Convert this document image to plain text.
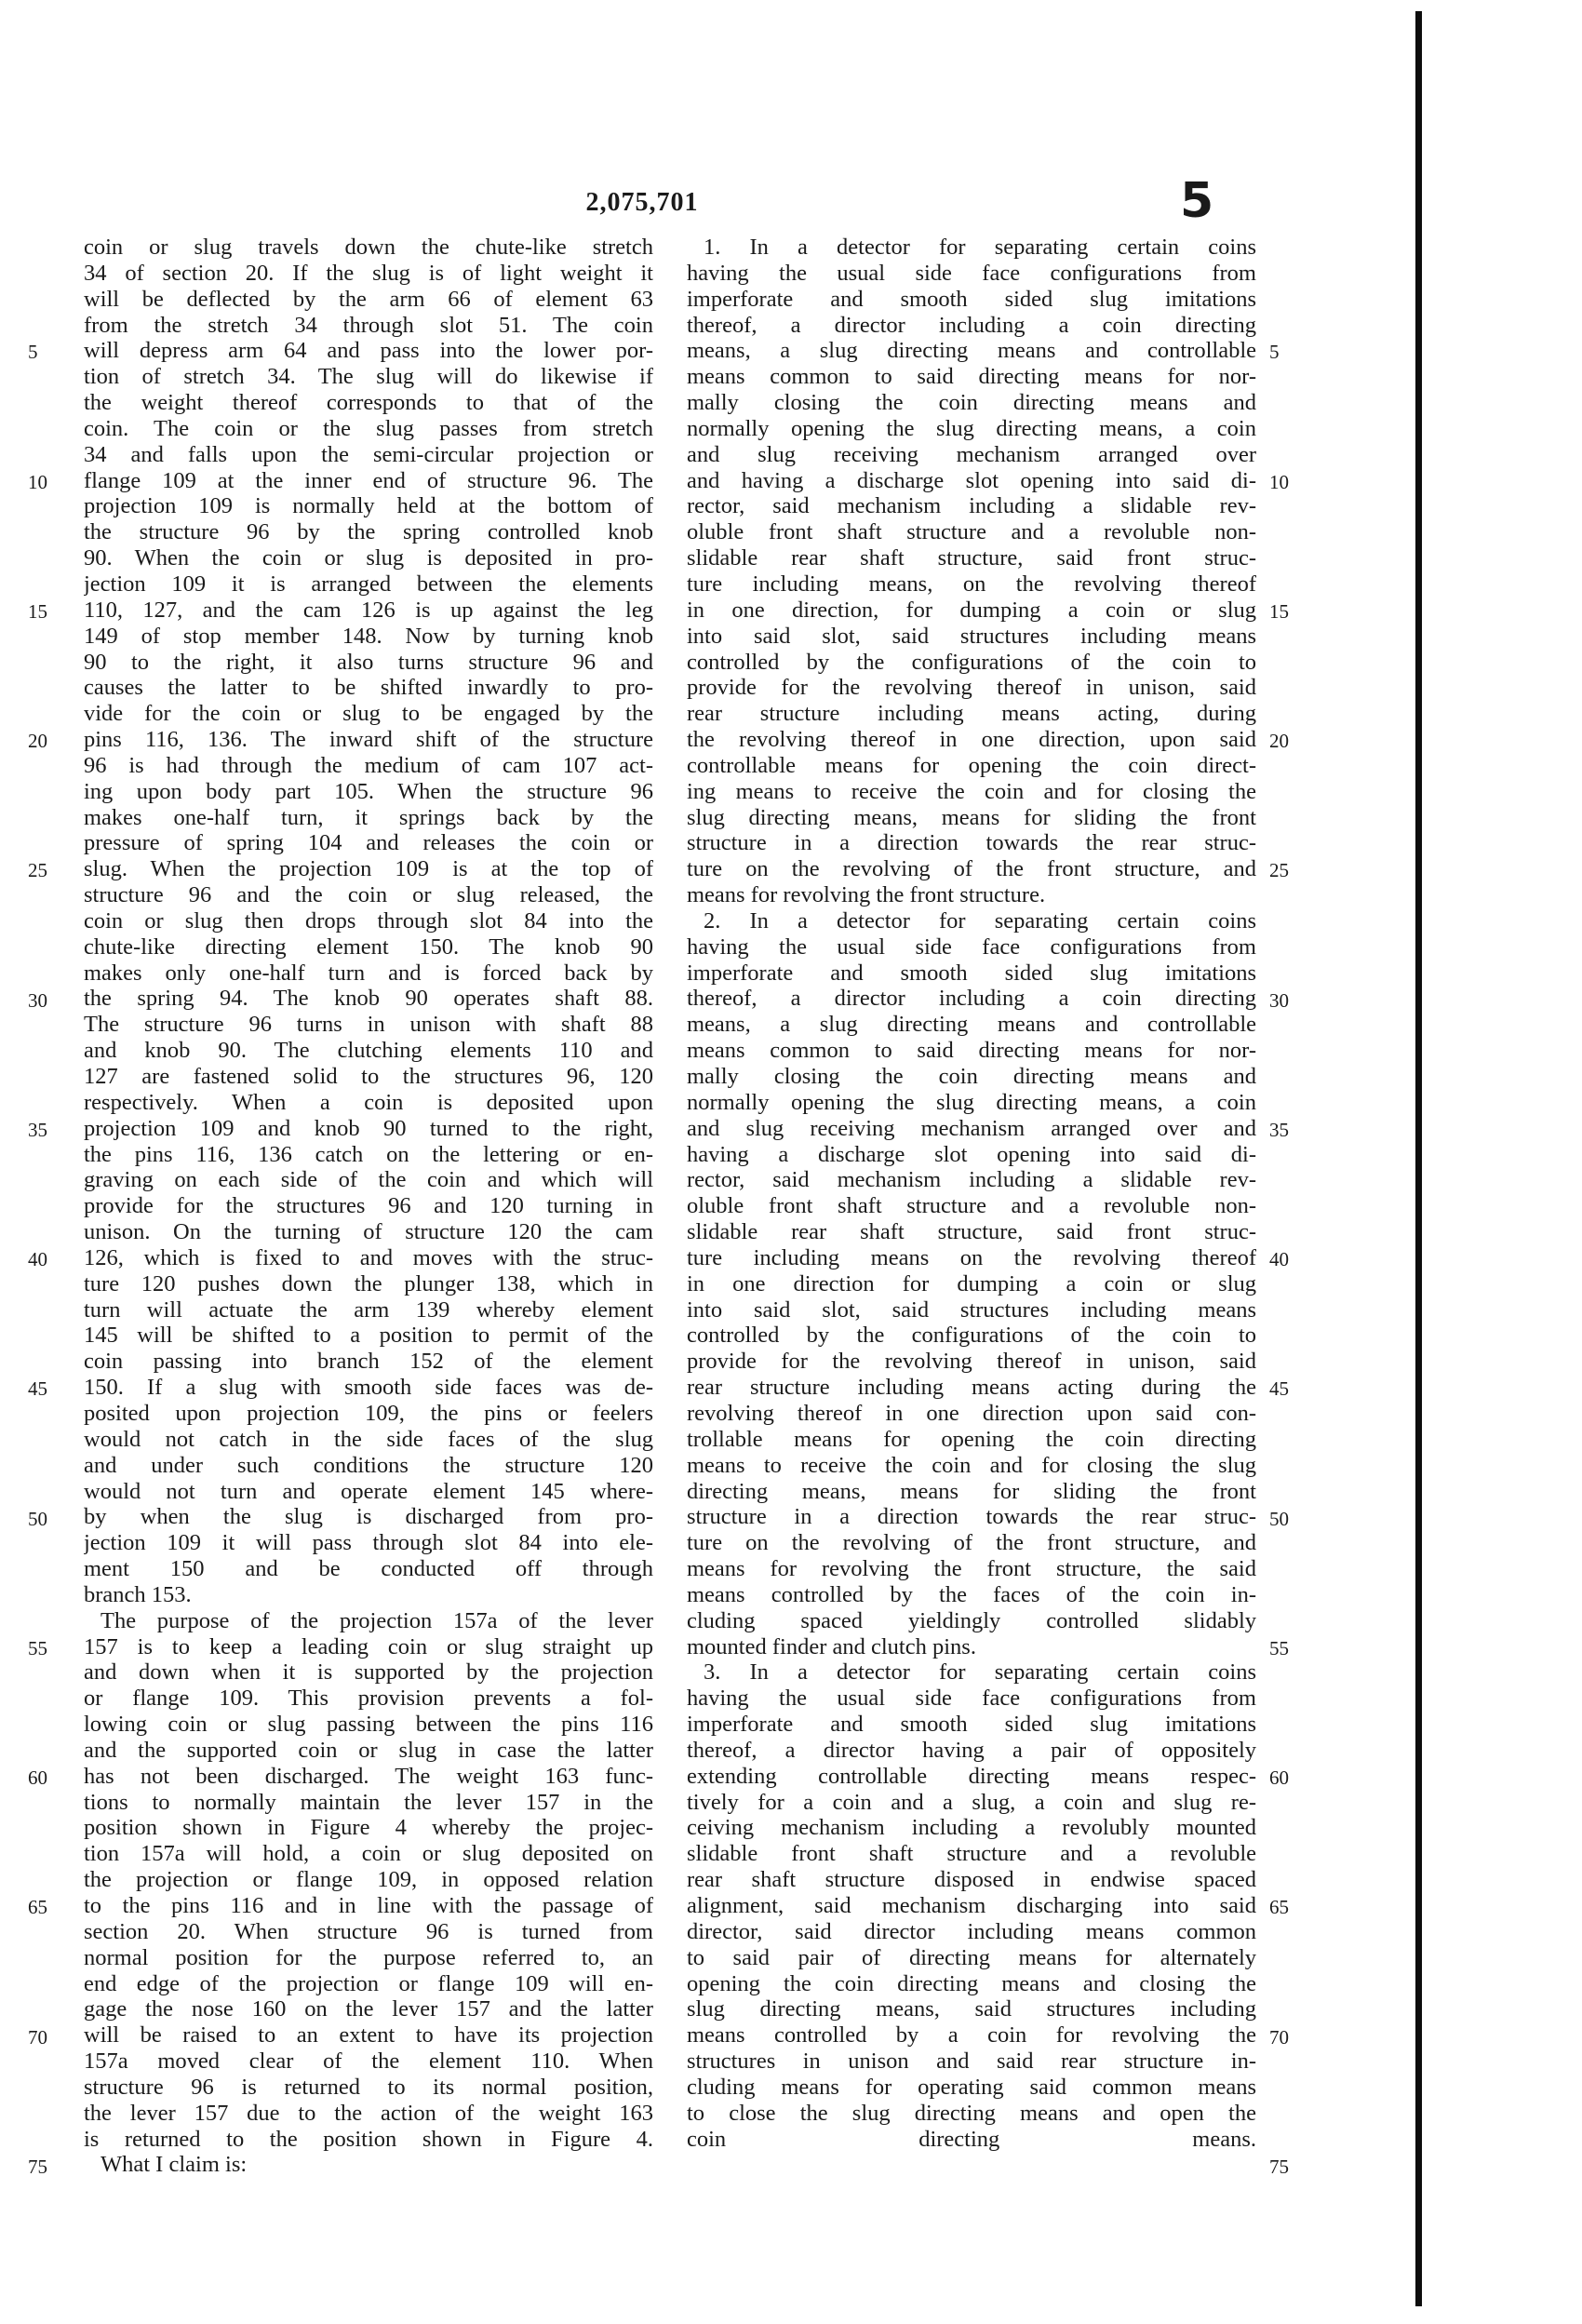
2,075,701	5
coin or slug travels down the chute-like stretch
34 of section 20. If the slug is of light weight it
will be deflected by the arm 66 of element 63
from the stretch 34 through slot 51. The coin
will depress arm 64 and pass into the lower por-
tion of stretch 34. The slug will do likewise if
the weight thereof corresponds to that of the
coin. The coin or the slug passes from stretch
34 and falls upon the semi-circular projection or
flange 109 at the inner end of structure 96. The
projection 109 is normally held at the bottom of
the structure 96 by the spring controlled knob
90. When the coin or slug is deposited in pro-
jection 109 it is arranged between the elements
110, 127, and the cam 126 is up against the leg
149 of stop member 148. Now by turning knob
90 to the right, it also turns structure 96 and
causes the latter to be shifted inwardly to pro-
vide for the coin or slug to be engaged by the
pins 116, 136. The inward shift of the structure
96 is had through the medium of cam 107 act-
ing upon body part 105. When the structure 96
makes one-half turn, it springs back by the
pressure of spring 104 and releases the coin or
slug. When the projection 109 is at the top of
structure 96 and the coin or slug released, the
coin or slug then drops through slot 84 into the
chute-like directing element 150. The knob 90
makes only one-half turn and is forced back by
the spring 94. The knob 90 operates shaft 88.
The structure 96 turns in unison with shaft 88
and knob 90. The clutching elements 110 and
127 are fastened solid to the structures 96, 120
respectively. When a coin is deposited upon
projection 109 and knob 90 turned to the right,
the pins 116, 136 catch on the lettering or en-
graving on each side of the coin and which will
provide for the structures 96 and 120 turning in
unison. On the turning of structure 120 the cam
126, which is fixed to and moves with the struc-
ture 120 pushes down the plunger 138, which in
turn will actuate the arm 139 whereby element
145 will be shifted to a position to permit of the
coin passing into branch 152 of the element
150. If a slug with smooth side faces was de-
posited upon projection 109, the pins or feelers
would not catch in the side faces of the slug
and under such conditions the structure 120
would not turn and operate element 145 where-
by when the slug is discharged from pro-
jection 109 it will pass through slot 84 into ele-
ment 150 and be conducted off through
branch 153.
The purpose of the projection 157a of the lever
157 is to keep a leading coin or slug straight up
and down when it is supported by the projection
or flange 109. This provision prevents a fol-
lowing coin or slug passing between the pins 116
and the supported coin or slug in case the latter
has not been discharged. The weight 163 func-
tions to normally maintain the lever 157 in the
position shown in Figure 4 whereby the projec-
tion 157a will hold, a coin or slug deposited on
the projection or flange 109, in opposed relation
to the pins 116 and in line with the passage of
section 20. When structure 96 is turned from
normal position for the purpose referred to, an
end edge of the projection or flange 109 will en-
gage the nose 160 on the lever 157 and the latter
will be raised to an extent to have its projection
157a moved clear of the element 110. When
structure 96 is returned to its normal position,
the lever 157 due to the action of the weight 163
is returned to the position shown in Figure 4.
What I claim is:
1. In a detector for separating certain coins
having the usual side face configurations from
imperforate and smooth sided slug imitations
thereof, a director including a coin directing
means, a slug directing means and controllable
means common to said directing means for nor-
mally closing the coin directing means and
normally opening the slug directing means, a coin
and slug receiving mechanism arranged over
and having a discharge slot opening into said di-
rector, said mechanism including a slidable rev-
oluble front shaft structure and a revoluble non-
slidable rear shaft structure, said front struc-
ture including means, on the revolving thereof
in one direction, for dumping a coin or slug
into said slot, said structures including means
controlled by the configurations of the coin to
provide for the revolving thereof in unison, said
rear structure including means acting, during
the revolving thereof in one direction, upon said
controllable means for opening the coin direct-
ing means to receive the coin and for closing the
slug directing means, means for sliding the front
structure in a direction towards the rear struc-
ture on the revolving of the front structure, and
means for revolving the front structure.
2. In a detector for separating certain coins
having the usual side face configurations from
imperforate and smooth sided slug imitations
thereof, a director including a coin directing
means, a slug directing means and controllable
means common to said directing means for nor-
mally closing the coin directing means and
normally opening the slug directing means, a coin
and slug receiving mechanism arranged over and
having a discharge slot opening into said di-
rector, said mechanism including a slidable rev-
oluble front shaft structure and a revoluble non-
slidable rear shaft structure, said front struc-
ture including means on the revolving thereof
in one direction for dumping a coin or slug
into said slot, said structures including means
controlled by the configurations of the coin to
provide for the revolving thereof in unison, said
rear structure including means acting during the
revolving thereof in one direction upon said con-
trollable means for opening the coin directing
means to receive the coin and for closing the slug
directing means, means for sliding the front
structure in a direction towards the rear struc-
ture on the revolving of the front structure, and
means for revolving the front structure, the said
means controlled by the faces of the coin in-
cluding spaced yieldingly controlled slidably
mounted finder and clutch pins.
3. In a detector for separating certain coins
having the usual side face configurations from
imperforate and smooth sided slug imitations
thereof, a director having a pair of oppositely
extending controllable directing means respec-
tively for a coin and a slug, a coin and slug re-
ceiving mechanism including a revolubly mounted
slidable front shaft structure and a revoluble
rear shaft structure disposed in endwise spaced
alignment, said mechanism discharging into said
director, said director including means common
to said pair of directing means for alternately
opening the coin directing means and closing the
slug directing means, said structures including
means controlled by a coin for revolving the
structures in unison and said rear structure in-
cluding means for operating said common means
to close the slug directing means and open the
coin directing means.
5	5
10	10
15	15
20	20
25	25
30	30
35	35
40	40
45	45
50	50
55	55
60	60
65	65
70	70
75	75
